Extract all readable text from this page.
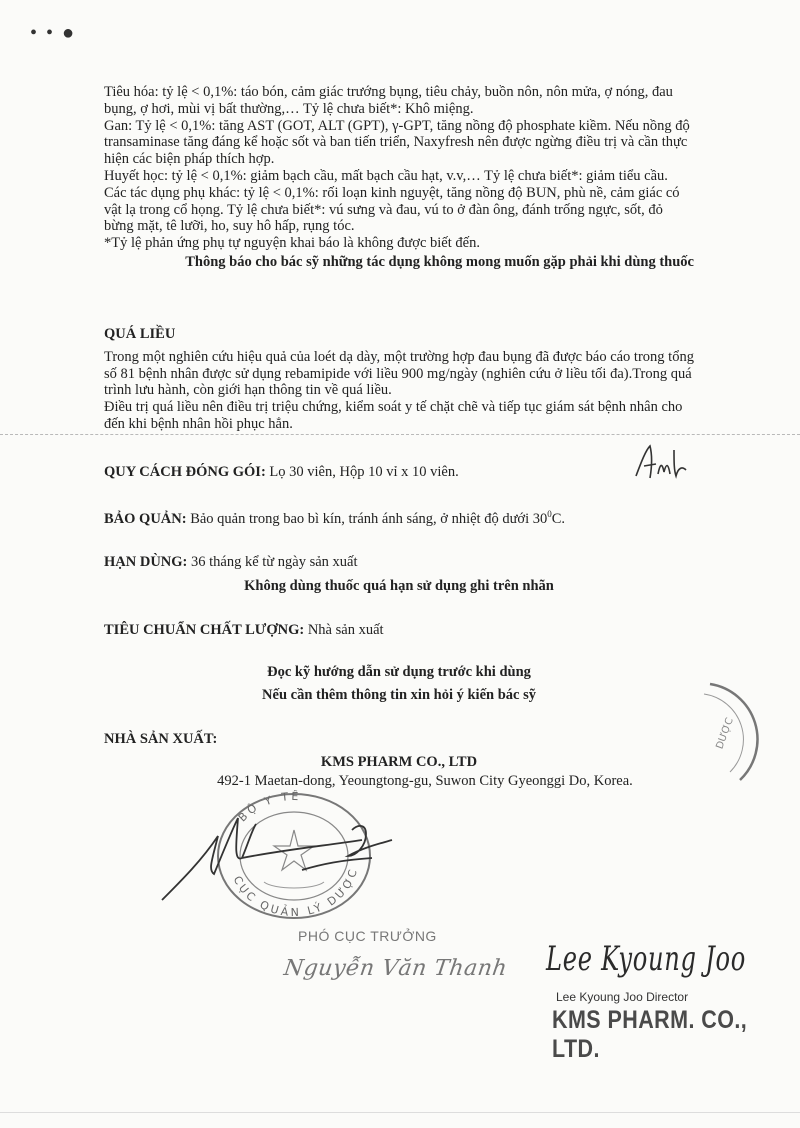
• • ●

Tiêu hóa: tỷ lệ < 0,1%: táo bón, cảm giác trướng bụng, tiêu chảy, buồn nôn, nôn mửa, ợ nóng, đau bụng, ợ hơi, mùi vị bất thường,… Tỷ lệ chưa biết*: Khô miệng.

Gan: Tỷ lệ < 0,1%: tăng AST (GOT, ALT (GPT), γ-GPT, tăng nồng độ phosphate kiềm. Nếu nồng độ transaminase tăng đáng kể hoặc sốt và ban tiến triển, Naxyfresh nên được ngừng điều trị và cần thực hiện các biện pháp thích hợp.

Huyết học: tỷ lệ < 0,1%: giảm bạch cầu, mất bạch cầu hạt, v.v,… Tỷ lệ chưa biết*: giảm tiểu cầu.

Các tác dụng phụ khác: tỷ lệ < 0,1%: rối loạn kinh nguyệt, tăng nồng độ BUN, phù nề, cảm giác có vật lạ trong cổ họng. Tỷ lệ chưa biết*: vú sưng và đau, vú to ở đàn ông, đánh trống ngực, sốt, đỏ bừng mặt, tê lưỡi, ho, suy hô hấp, rụng tóc.

*Tỷ lệ phản ứng phụ tự nguyện khai báo là không được biết đến.

Thông báo cho bác sỹ những tác dụng không mong muốn gặp phải khi dùng thuốc

QUÁ LIỀU

Trong một nghiên cứu hiệu quả của loét dạ dày, một trường hợp đau bụng đã được báo cáo trong tổng số 81 bệnh nhân được sử dụng rebamipide với liều 900 mg/ngày (nghiên cứu ở liều tối đa).Trong quá trình lưu hành, còn giới hạn thông tin về quá liều.

Điều trị quá liều nên điều trị triệu chứng, kiểm soát y tế chặt chẽ và tiếp tục giám sát bệnh nhân cho đến khi bệnh nhân hồi phục hẳn.

QUY CÁCH ĐÓNG GÓI: Lọ 30 viên, Hộp 10 vỉ x 10 viên.
BẢO QUẢN: Bảo quản trong bao bì kín, tránh ánh sáng, ở nhiệt độ dưới $30^0C$.
HẠN DÙNG: 36 tháng kể từ ngày sản xuất
Không dùng thuốc quá hạn sử dụng ghi trên nhãn
TIÊU CHUẨN CHẤT LƯỢNG: Nhà sản xuất
Đọc kỹ hướng dẫn sử dụng trước khi dùng
Nếu cần thêm thông tin xin hỏi ý kiến bác sỹ
NHÀ SẢN XUẤT:
KMS PHARM CO., LTD
492-1 Maetan-dong, Yeoungtong-gu, Suwon City Gyeonggi Do, Korea.
DƯỢC
BỘ Y TẾ
CỤC QUẢN LÝ DƯỢC
PHÓ CỤC TRƯỞNG
Nguyễn Văn Thanh Lee Kyoung Joo
Lee Kyoung Joo Director
KMS PHARM. CO., LTD.
